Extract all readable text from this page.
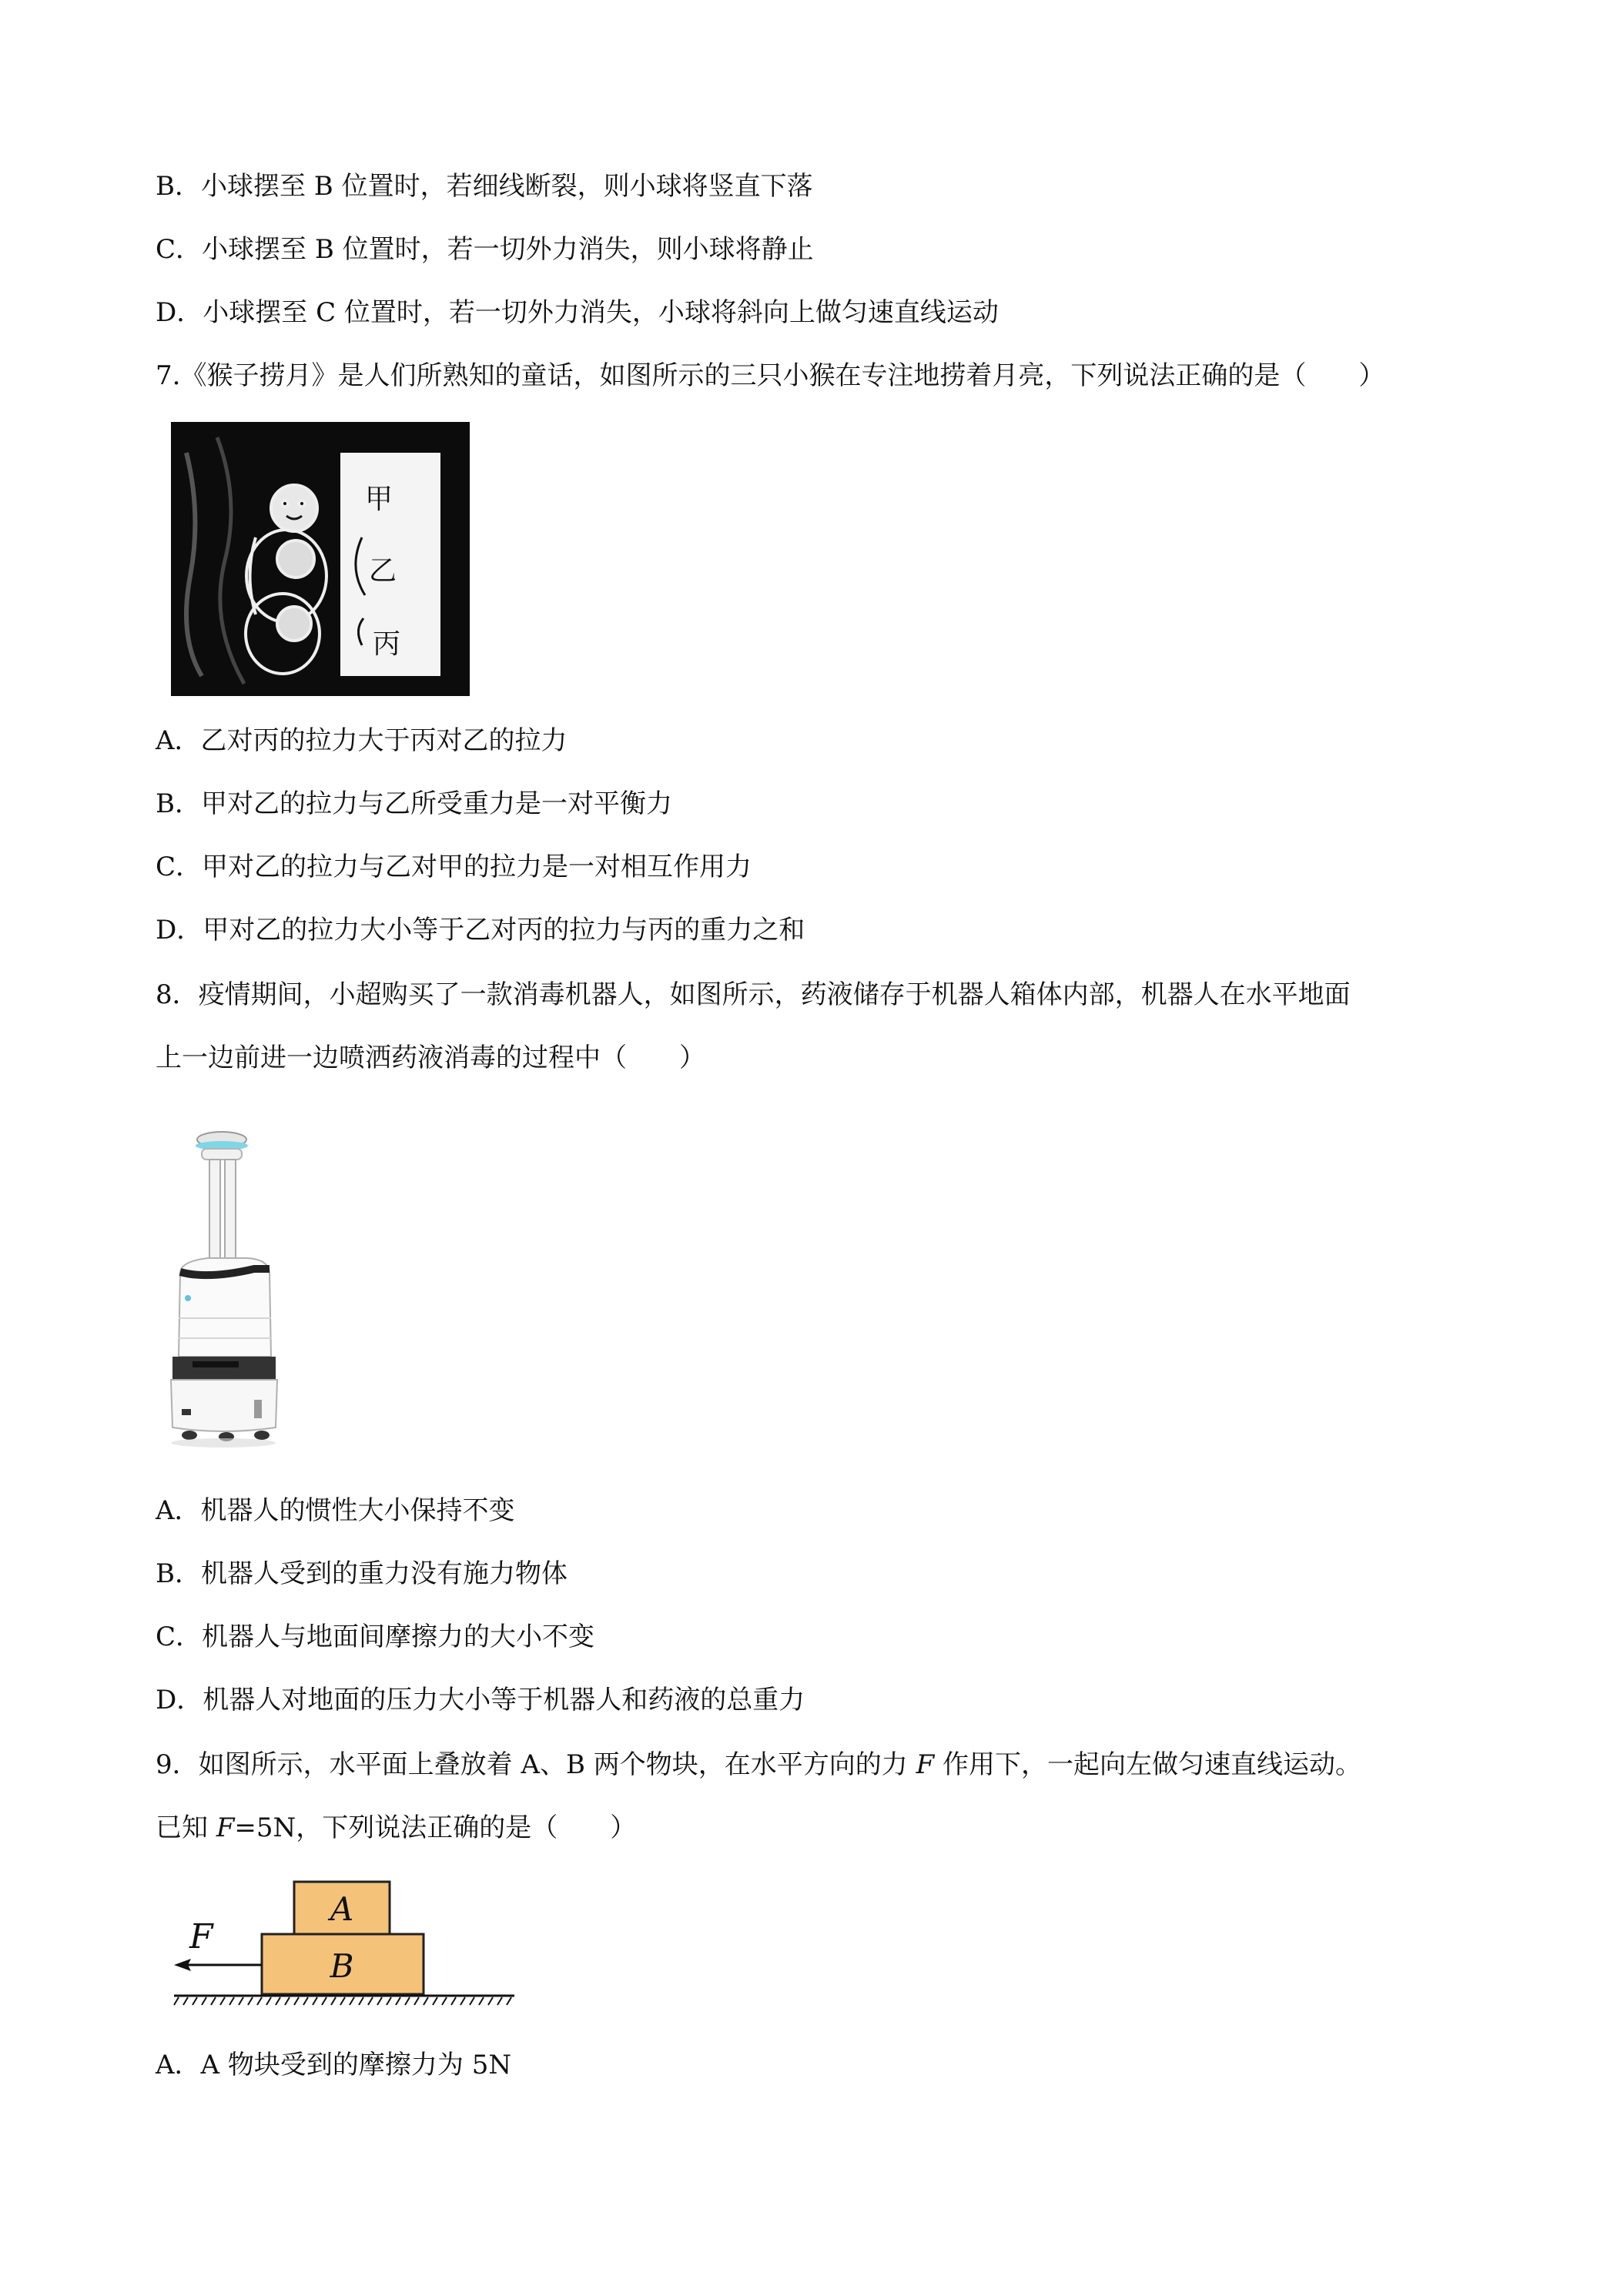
B．小球摆至 B 位置时，若细线断裂，则小球将竖直下落
C．小球摆至 B 位置时，若一切外力消失，则小球将静止
D．小球摆至 C 位置时，若一切外力消失，小球将斜向上做匀速直线运动
7.《猴子捞月》是人们所熟知的童话，如图所示的三只小猴在专注地捞着月亮，下列说法正确的是（　　）
甲
乙
丙
A．乙对丙的拉力大于丙对乙的拉力
B．甲对乙的拉力与乙所受重力是一对平衡力
C．甲对乙的拉力与乙对甲的拉力是一对相互作用力
D．甲对乙的拉力大小等于乙对丙的拉力与丙的重力之和
8．疫情期间，小超购买了一款消毒机器人，如图所示，药液储存于机器人箱体内部，机器人在水平地面
上一边前进一边喷洒药液消毒的过程中（　　）
A．机器人的惯性大小保持不变
B．机器人受到的重力没有施力物体
C．机器人与地面间摩擦力的大小不变
D．机器人对地面的压力大小等于机器人和药液的总重力
9．如图所示，水平面上叠放着 A、B 两个物块，在水平方向的力 F 作用下，一起向左做匀速直线运动。
已知 F=5N，下列说法正确的是（　　）
A
B
F
A．A 物块受到的摩擦力为 5N
